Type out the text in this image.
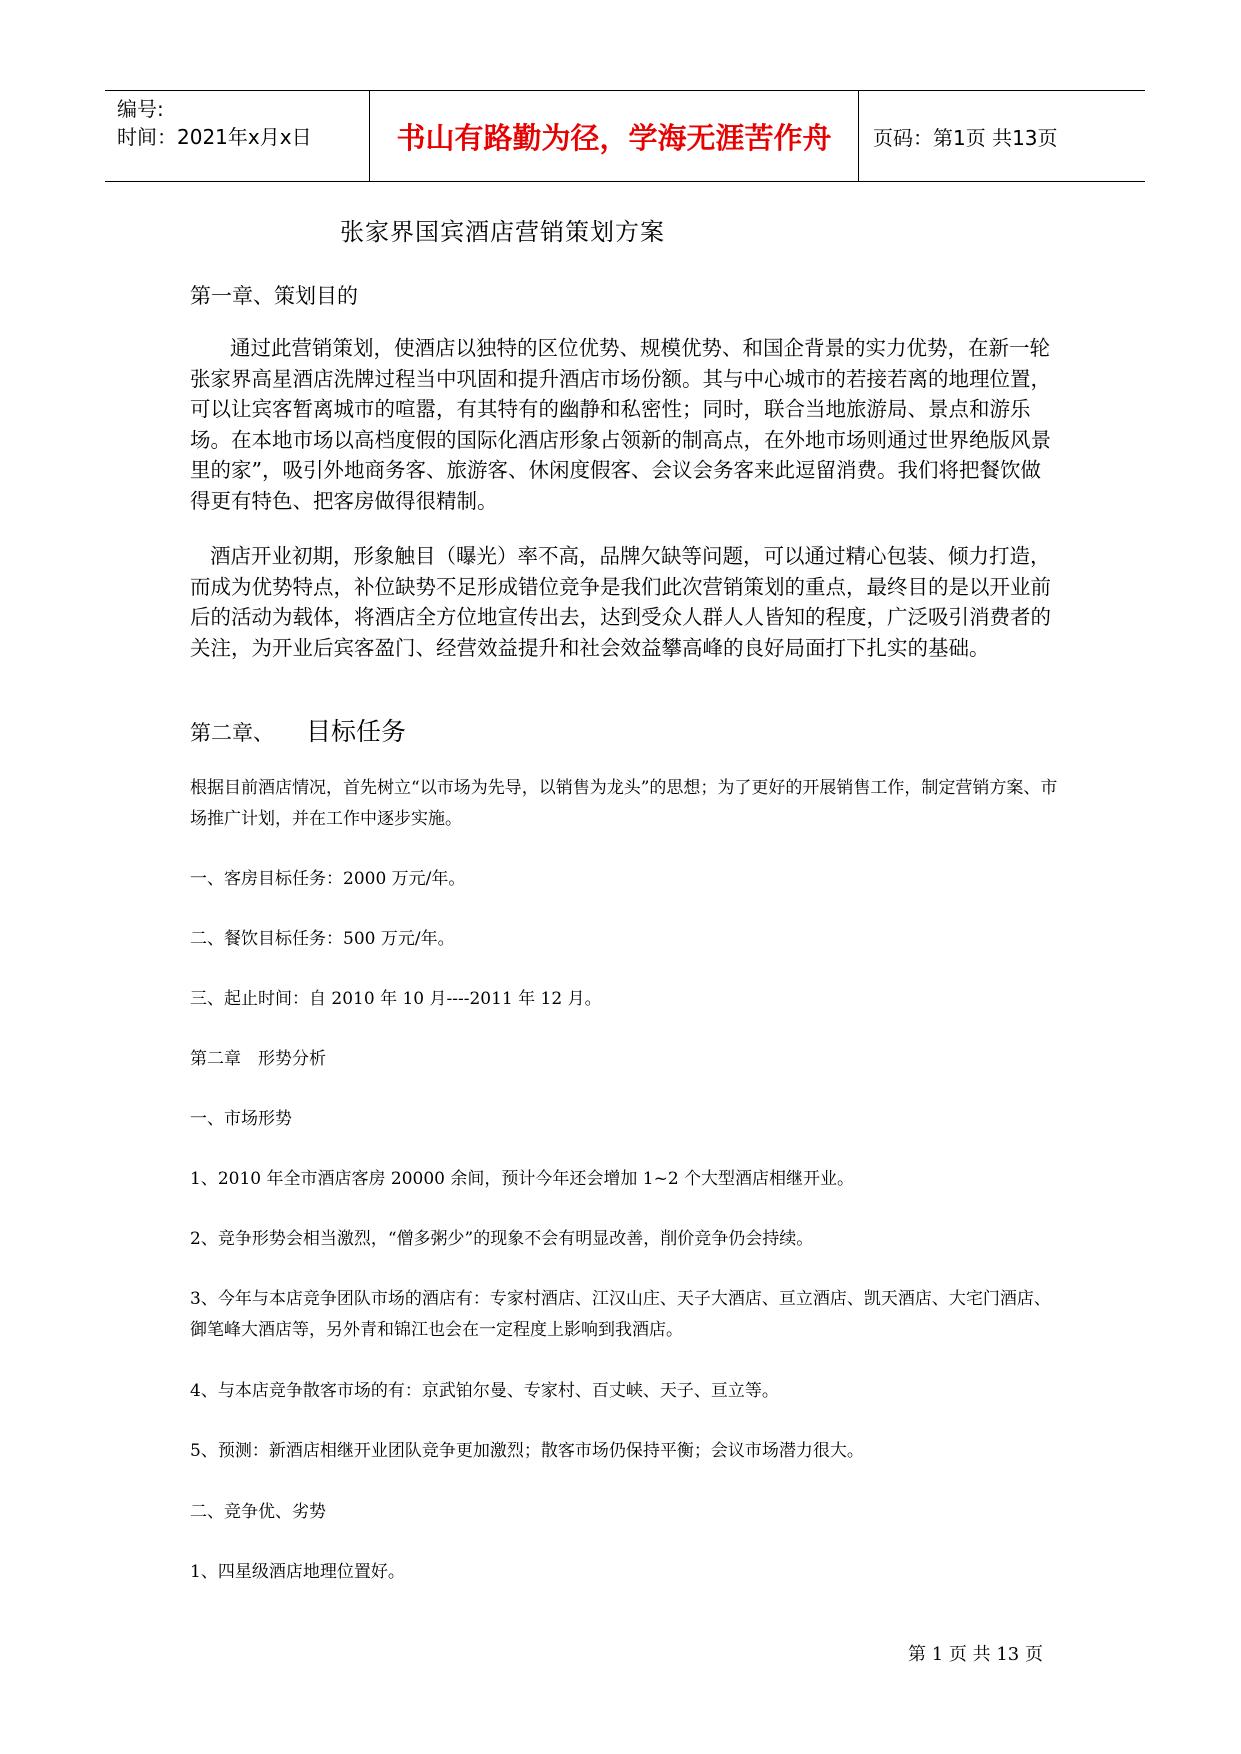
编号:
时间：2021年x月x日	书山有路勤为径，学海无涯苦作舟 页码：第1页 共13页
张家界国宾酒店营销策划方案
第一章、策划目的
通过此营销策划，使酒店以独特的区位优势、规模优势、和国企背景的实力优势，在新一轮张家界高星酒店洗牌过程当中巩固和提升酒店市场份额。其与中心城市的若接若离的地理位置，可以让宾客暂离城市的喧嚣，有其特有的幽静和私密性；同时，联合当地旅游局、景点和游乐场。在本地市场以高档度假的国际化酒店形象占领新的制高点，在外地市场则通过世界绝版风景里的家”，吸引外地商务客、旅游客、休闲度假客、会议会务客来此逗留消费。我们将把餐饮做得更有特色、把客房做得很精制。
酒店开业初期，形象触目（曝光）率不高，品牌欠缺等问题，可以通过精心包装、倾力打造，而成为优势特点，补位缺势不足形成错位竞争是我们此次营销策划的重点，最终目的是以开业前后的活动为载体，将酒店全方位地宣传出去，达到受众人群人人皆知的程度，广泛吸引消费者的关注，为开业后宾客盈门、经营效益提升和社会效益攀高峰的良好局面打下扎实的基础。
第二章、 目标任务
根据目前酒店情况，首先树立“以市场为先导，以销售为龙头”的思想；为了更好的开展销售工作，制定营销方案、市场推广计划，并在工作中逐步实施。
一、客房目标任务：2000 万元/年。
二、餐饮目标任务：500 万元/年。
三、起止时间：自 2010 年 10 月----2011 年 12 月。
第二章　形势分析
一、市场形势
1、2010 年全市酒店客房 20000 余间，预计今年还会增加 1~2 个大型酒店相继开业。
2、竞争形势会相当激烈，“僧多粥少”的现象不会有明显改善，削价竞争仍会持续。
3、今年与本店竞争团队市场的酒店有：专家村酒店、江汉山庄、天子大酒店、亘立酒店、凯天酒店、大宅门酒店、御笔峰大酒店等，另外青和锦江也会在一定程度上影响到我酒店。
4、与本店竞争散客市场的有：京武铂尔曼、专家村、百丈峡、天子、亘立等。
5、预测：新酒店相继开业团队竞争更加激烈；散客市场仍保持平衡；会议市场潜力很大。
二、竞争优、劣势
1、四星级酒店地理位置好。
第 1 页 共 13 页
